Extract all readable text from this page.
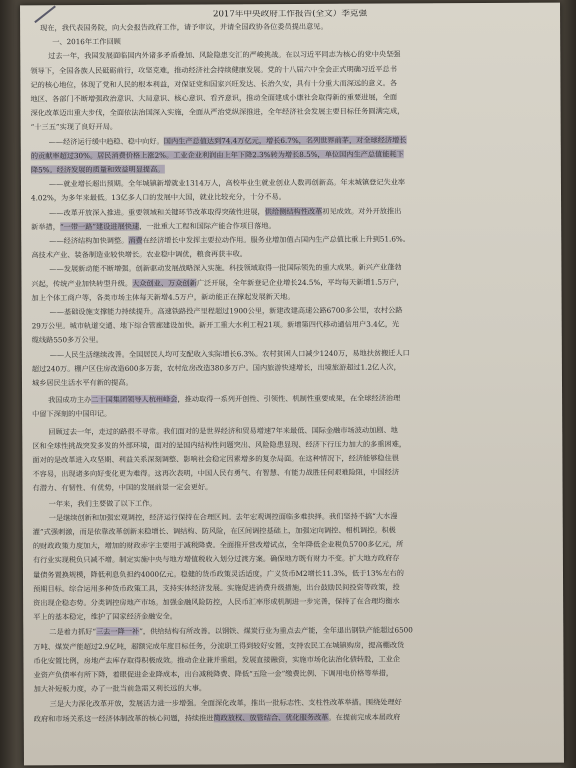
2017年中央政府工作报告(全文）李克强
现在，我代表国务院，向大会报告政府工作，请予审议，并请全国政协各位委员提出意见。
一、2016年工作回顾
过去一年，我国发展面临国内外诸多矛盾叠加、风险隐患交汇的严峻挑战。在以习近平同志为核心的党中央坚强
领导下，全国各族人民砥砺前行，攻坚克难，推动经济社会持续健康发展。党的十八届六中全会正式明确习近平总书
记的核心地位，体现了党和人民的根本利益，对保证党和国家兴旺发达、长治久安，具有十分重大而深远的意义。各
地区、各部门不断增强政治意识、大局意识、核心意识、看齐意识，推动全面建成小康社会取得新的重要进展，全面
深化改革迈出重大步伐，全面依法治国深入实施，全面从严治党纵深推进，全年经济社会发展主要目标任务圆满完成，
“十三五”实现了良好开局。
——经济运行缓中趋稳、稳中向好。国内生产总值达到74.4万亿元，增长6.7%，名列世界前茅，对全球经济增长
的贡献率超过30%。居民消费价格上涨2%。工业企业利润由上年下降2.3%转为增长8.5%，单位国内生产总值能耗下
降5%。经济发展的质量和效益明显提高。
——就业增长超出预期。全年城镇新增就业1314万人，高校毕业生就业创业人数再创新高。年末城镇登记失业率
4.02%，为多年来最低。13亿多人口的发展中大国，就业比较充分，十分不易。
——改革开放深入推进。重要领域和关键环节改革取得突破性进展，供给侧结构性改革初见成效。对外开放推出
新举措，“一带一路”建设进展快速，一批重大工程和国际产能合作项目落地。
——经济结构加快调整。消费在经济增长中发挥主要拉动作用。服务业增加值占国内生产总值比重上升到51.6%。
高技术产业、装备制造业较快增长。农业稳中调优，粮食再获丰收。
——发展新动能不断增强。创新驱动发展战略深入实施。科技领域取得一批国际领先的重大成果。新兴产业蓬勃
兴起，传统产业加快转型升级。大众创业、万众创新广泛开展，全年新登记企业增长24.5%，平均每天新增1.5万户，
加上个体工商户等，各类市场主体每天新增4.5万户，新动能正在撑起发展新天地。
——基础设施支撑能力持续提升。高速铁路投产里程超过1900公里，新建改建高速公路6700多公里，农村公路
29万公里。城市轨道交通、地下综合管廊建设加快。新开工重大水利工程21项。新增第四代移动通信用户3.4亿，光
缆线路550多万公里。
——人民生活继续改善。全国居民人均可支配收入实际增长6.3%。农村贫困人口减少1240万，易地扶贫搬迁人口
超过240万。棚户区住房改造600多万套，农村危房改造380多万户。国内旅游快速增长，出境旅游超过1.2亿人次，
城乡居民生活水平有新的提高。
我国成功主办二十国集团领导人杭州峰会，推动取得一系列开创性、引领性、机制性重要成果，在全球经济治理
中留下深刻的中国印记。
回顾过去一年，走过的路很不寻常。我们面对的是世界经济和贸易增速7年来最低、国际金融市场波动加剧、地
区和全球性挑战突发多发的外部环境，面对的是国内结构性问题突出、风险隐患显现、经济下行压力加大的多重困难，
面对的是改革进入攻坚期、利益关系深刻调整、影响社会稳定因素增多的复杂局面。在这种情况下，经济能够稳住很
不容易，出现诸多向好变化更为难得。这再次表明，中国人民有勇气、有智慧、有能力战胜任何艰难险阻，中国经济
有潜力、有韧性、有优势，中国的发展前景一定会更好。
一年来，我们主要做了以下工作。
一是继续创新和加强宏观调控，经济运行保持在合理区间。去年宏观调控面临多难抉择。我们坚持不搞“大水漫
灌”式强刺激，而是依靠改革创新来稳增长、调结构、防风险，在区间调控基础上，加强定向调控、相机调控。积极
的财政政策力度加大，增加的财政赤字主要用于减税降费。全面推开营改增试点，全年降低企业税负5700多亿元，所
有行业实现税负只减不增。制定实施中央与地方增值税收入划分过渡方案。确保地方既有财力不变。扩大地方政府存
量债务置换规模，降低利息负担约4000亿元。稳健的货币政策灵活适度，广义货币M2增长11.3%，低于13%左右的
预期目标。综合运用多种货币政策工具，支持实体经济发展。实施促进消费升级措施，出台鼓励民间投资等政策，投
资出现企稳态势。分类调控房地产市场。加强金融风险防控，人民币汇率形成机制进一步完善，保持了在合理均衡水
平上的基本稳定，维护了国家经济金融安全。
二是着力抓好“三去一降一补”，供给结构有所改善。以钢铁、煤炭行业为重点去产能，全年退出钢铁产能超过6500
万吨、煤炭产能超过2.9亿吨，超额完成年度目标任务，分流职工得到较好安置，支持农民工在城镇购房，提高棚改货
币化安置比例，房地产去库存取得积极成效。推动企业兼并重组，发展直接融资，实施市场化法治化债转股，工业企
业资产负债率有所下降，着眼促进企业降成本，出台减税降费、降低“五险一金”缴费比例、下调用电价格等举措，
加大补短板力度，办了一批当前急需又利长远的大事。
三是大力深化改革开放，发展活力进一步增强。全面深化改革，推出一批标志性、支柱性改革举措。围绕处理好
政府和市场关系这一经济体制改革的核心问题，持续推进简政放权、放管结合、优化服务改革。在提前完成本届政府
